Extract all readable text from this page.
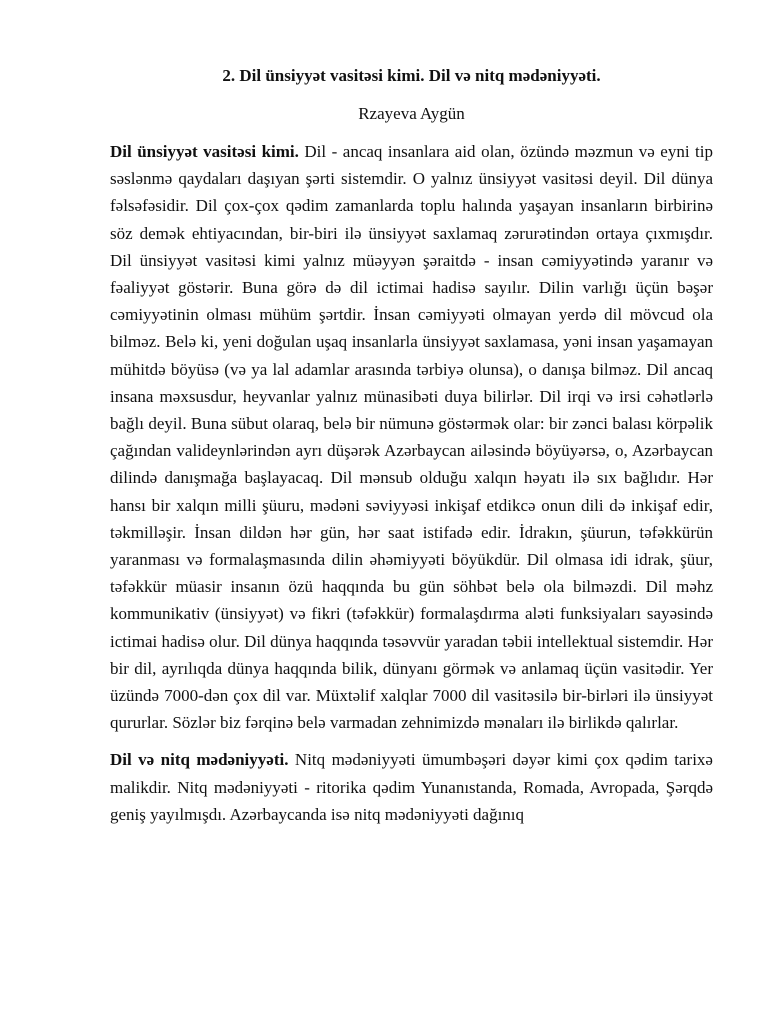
2. Dil ünsiyyət vasitəsi kimi. Dil və nitq mədəniyyəti.
Rzayeva Aygün

Dil ünsiyyət vasitəsi kimi. Dil - ancaq insanlara aid olan, özündə məzmun və eyni tip səslənmə qaydaları daşıyan şərti sistemdir. O yalnız ünsiyyət vasitəsi deyil. Dil dünya fəlsəfəsidir. Dil çox-çox qədim zamanlarda toplu halında yaşayan insanların birbirinə söz demək ehtiyacından, bir-biri ilə ünsiyyət saxlamaq zərurətindən ortaya çıxmışdır. Dil ünsiyyət vasitəsi kimi yalnız müəyyən şəraitdə - insan cəmiyyətində yaranır və fəaliyyət göstərir. Buna görə də dil ictimai hadisə sayılır. Dilin varlığı üçün bəşər cəmiyyətinin olması mühüm şərtdir. İnsan cəmiyyəti olmayan yerdə dil mövcud ola bilməz. Belə ki, yeni doğulan uşaq insanlarla ünsiyyət saxlamasa, yəni insan yaşamayan mühitdə böyüsə (və ya lal adamlar arasında tərbiyə olunsa), o danışa bilməz. Dil ancaq insana məxsusdur, heyvanlar yalnız münasibəti duya bilirlər. Dil irqi və irsi cəhətlərlə bağlı deyil. Buna sübut olaraq, belə bir nümunə göstərmək olar: bir zənci balası körpəlik çağından valideynlərindən ayrı düşərək Azərbaycan ailəsində böyüyərsə, o, Azərbaycan dilində danışmağa başlayacaq. Dil mənsub olduğu xalqın həyatı ilə sıx bağlıdır. Hər hansı bir xalqın milli şüuru, mədəni səviyyəsi inkişaf etdikcə onun dili də inkişaf edir, təkmilləşir. İnsan dildən hər gün, hər saat istifadə edir. İdrakın, şüurun, təfəkkürün yaranması və formalaşmasında dilin əhəmiyyəti böyükdür. Dil olmasa idi idrak, şüur, təfəkkür müasir insanın özü haqqında bu gün söhbət belə ola bilməzdi. Dil məhz kommunikativ (ünsiyyət) və fikri (təfəkkür) formalaşdırma aləti funksiyaları sayəsində ictimai hadisə olur. Dil dünya haqqında təsəvvür yaradan təbii intellektual sistemdir. Hər bir dil, ayrılıqda dünya haqqında bilik, dünyanı görmək və anlamaq üçün vasitədir. Yer üzündə 7000-dən çox dil var. Müxtəlif xalqlar 7000 dil vasitəsilə bir-birləri ilə ünsiyyət qururlar. Sözlər biz fərqinə belə varmadan zehnimizdə mənaları ilə birlikdə qalırlar.

Dil və nitq mədəniyyəti. Nitq mədəniyyəti ümumbəşəri dəyər kimi çox qədim tarixə malikdir. Nitq mədəniyyəti - ritorika qədim Yunanıstanda, Romada, Avropada, Şərqdə geniş yayılmışdı. Azərbaycanda isə nitq mədəniyyəti dağınıq
